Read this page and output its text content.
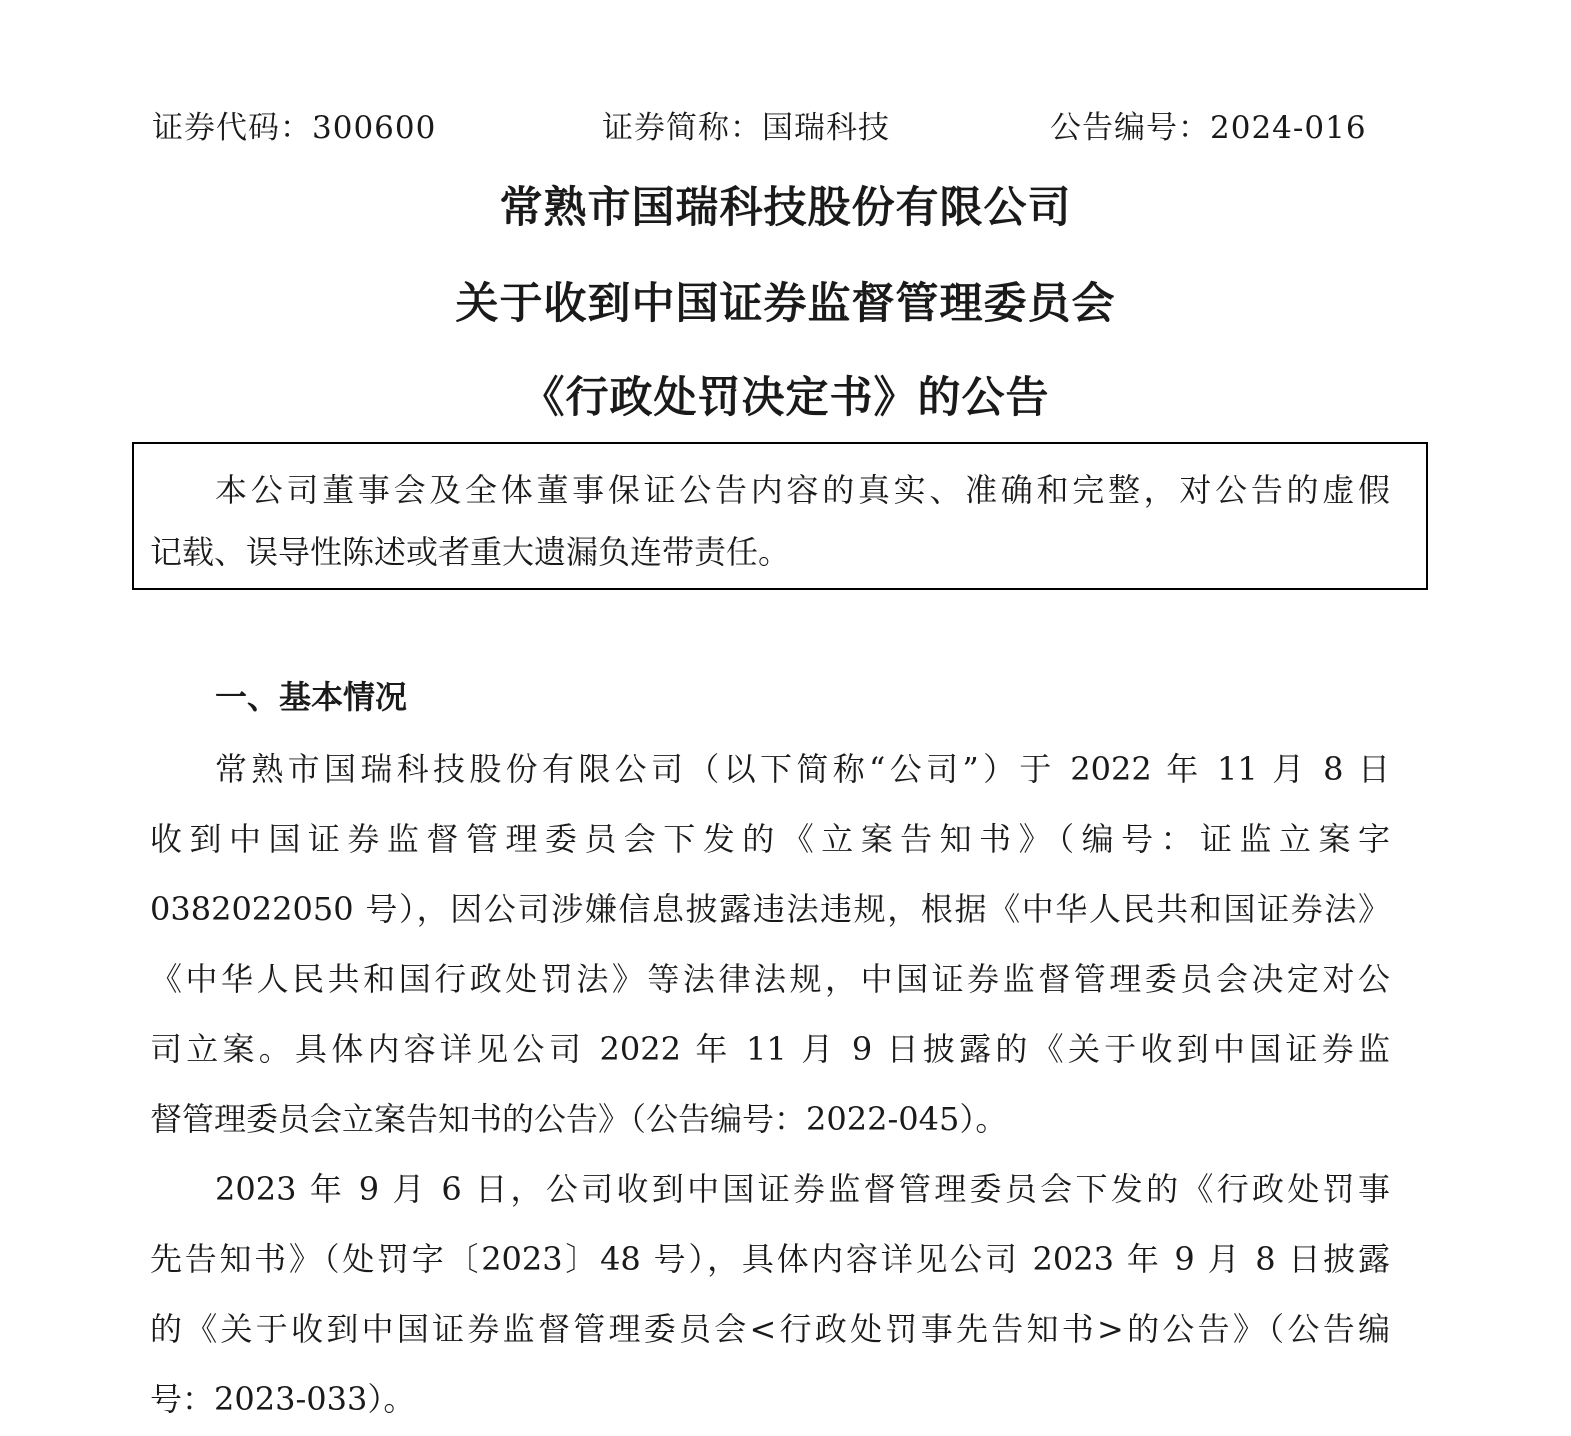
证券代码：300600	证券简称：国瑞科技	公告编号：2024-016
常熟市国瑞科技股份有限公司
关于收到中国证券监督管理委员会
《行政处罚决定书》的公告
本公司董事会及全体董事保证公告内容的真实、准确和完整，对公告的虚假
记载、误导性陈述或者重大遗漏负连带责任。
一、基本情况
常熟市国瑞科技股份有限公司（以下简称“公司”）于 2022 年 11 月 8 日
收到中国证券监督管理委员会下发的《立案告知书》（编号：证监立案字
0382022050 号），因公司涉嫌信息披露违法违规，根据《中华人民共和国证券法》
《中华人民共和国行政处罚法》等法律法规，中国证券监督管理委员会决定对公
司立案。具体内容详见公司 2022 年 11 月 9 日披露的《关于收到中国证券监
督管理委员会立案告知书的公告》（公告编号：2022-045）。
2023 年 9 月 6 日，公司收到中国证券监督管理委员会下发的《行政处罚事
先告知书》（处罚字〔2023〕48 号），具体内容详见公司 2023 年 9 月 8 日披露
的《关于收到中国证券监督管理委员会<行政处罚事先告知书>的公告》（公告编
号：2023-033）。
